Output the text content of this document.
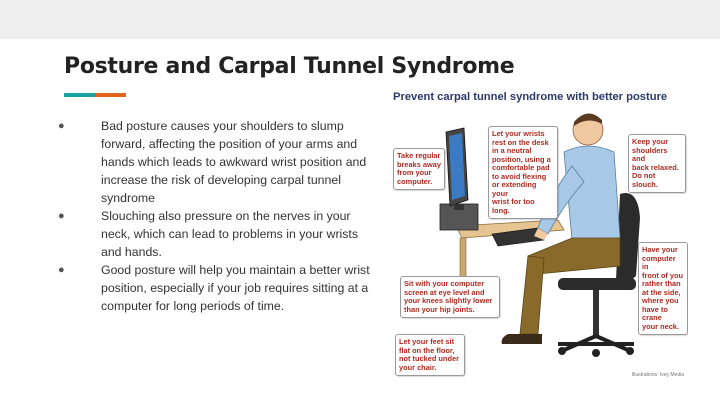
Posture and Carpal Tunnel Syndrome
●	Bad posture causes your shoulders to slump forward, affecting the position of your arms and hands which leads to awkward wrist position and increase the risk of developing carpal tunnel syndrome
●	Slouching also pressure on the nerves in your neck, which can lead to problems in your wrists and hands.
●	Good posture will help you maintain a better wrist position, especially if your job requires sitting at a computer for long periods of time.
Prevent carpal tunnel syndrome with better posture
Take regular
breaks away
from your
computer.
Let your wrists
rest on the desk
in a neutral
position, using a
comfortable pad
to avoid flexing
or extending your
wrist for too long.
Keep your
shoulders and
back relaxed.
Do not slouch.
Have your
computer in
front of you
rather than
at the side,
where you
have to crane
your neck.
Sit with your computer
screen at eye level and
your knees slightly lower
than your hip joints.
Let your feet sit
flat on the floor,
not tucked under
your chair.
Illustrations: Ivey Media
